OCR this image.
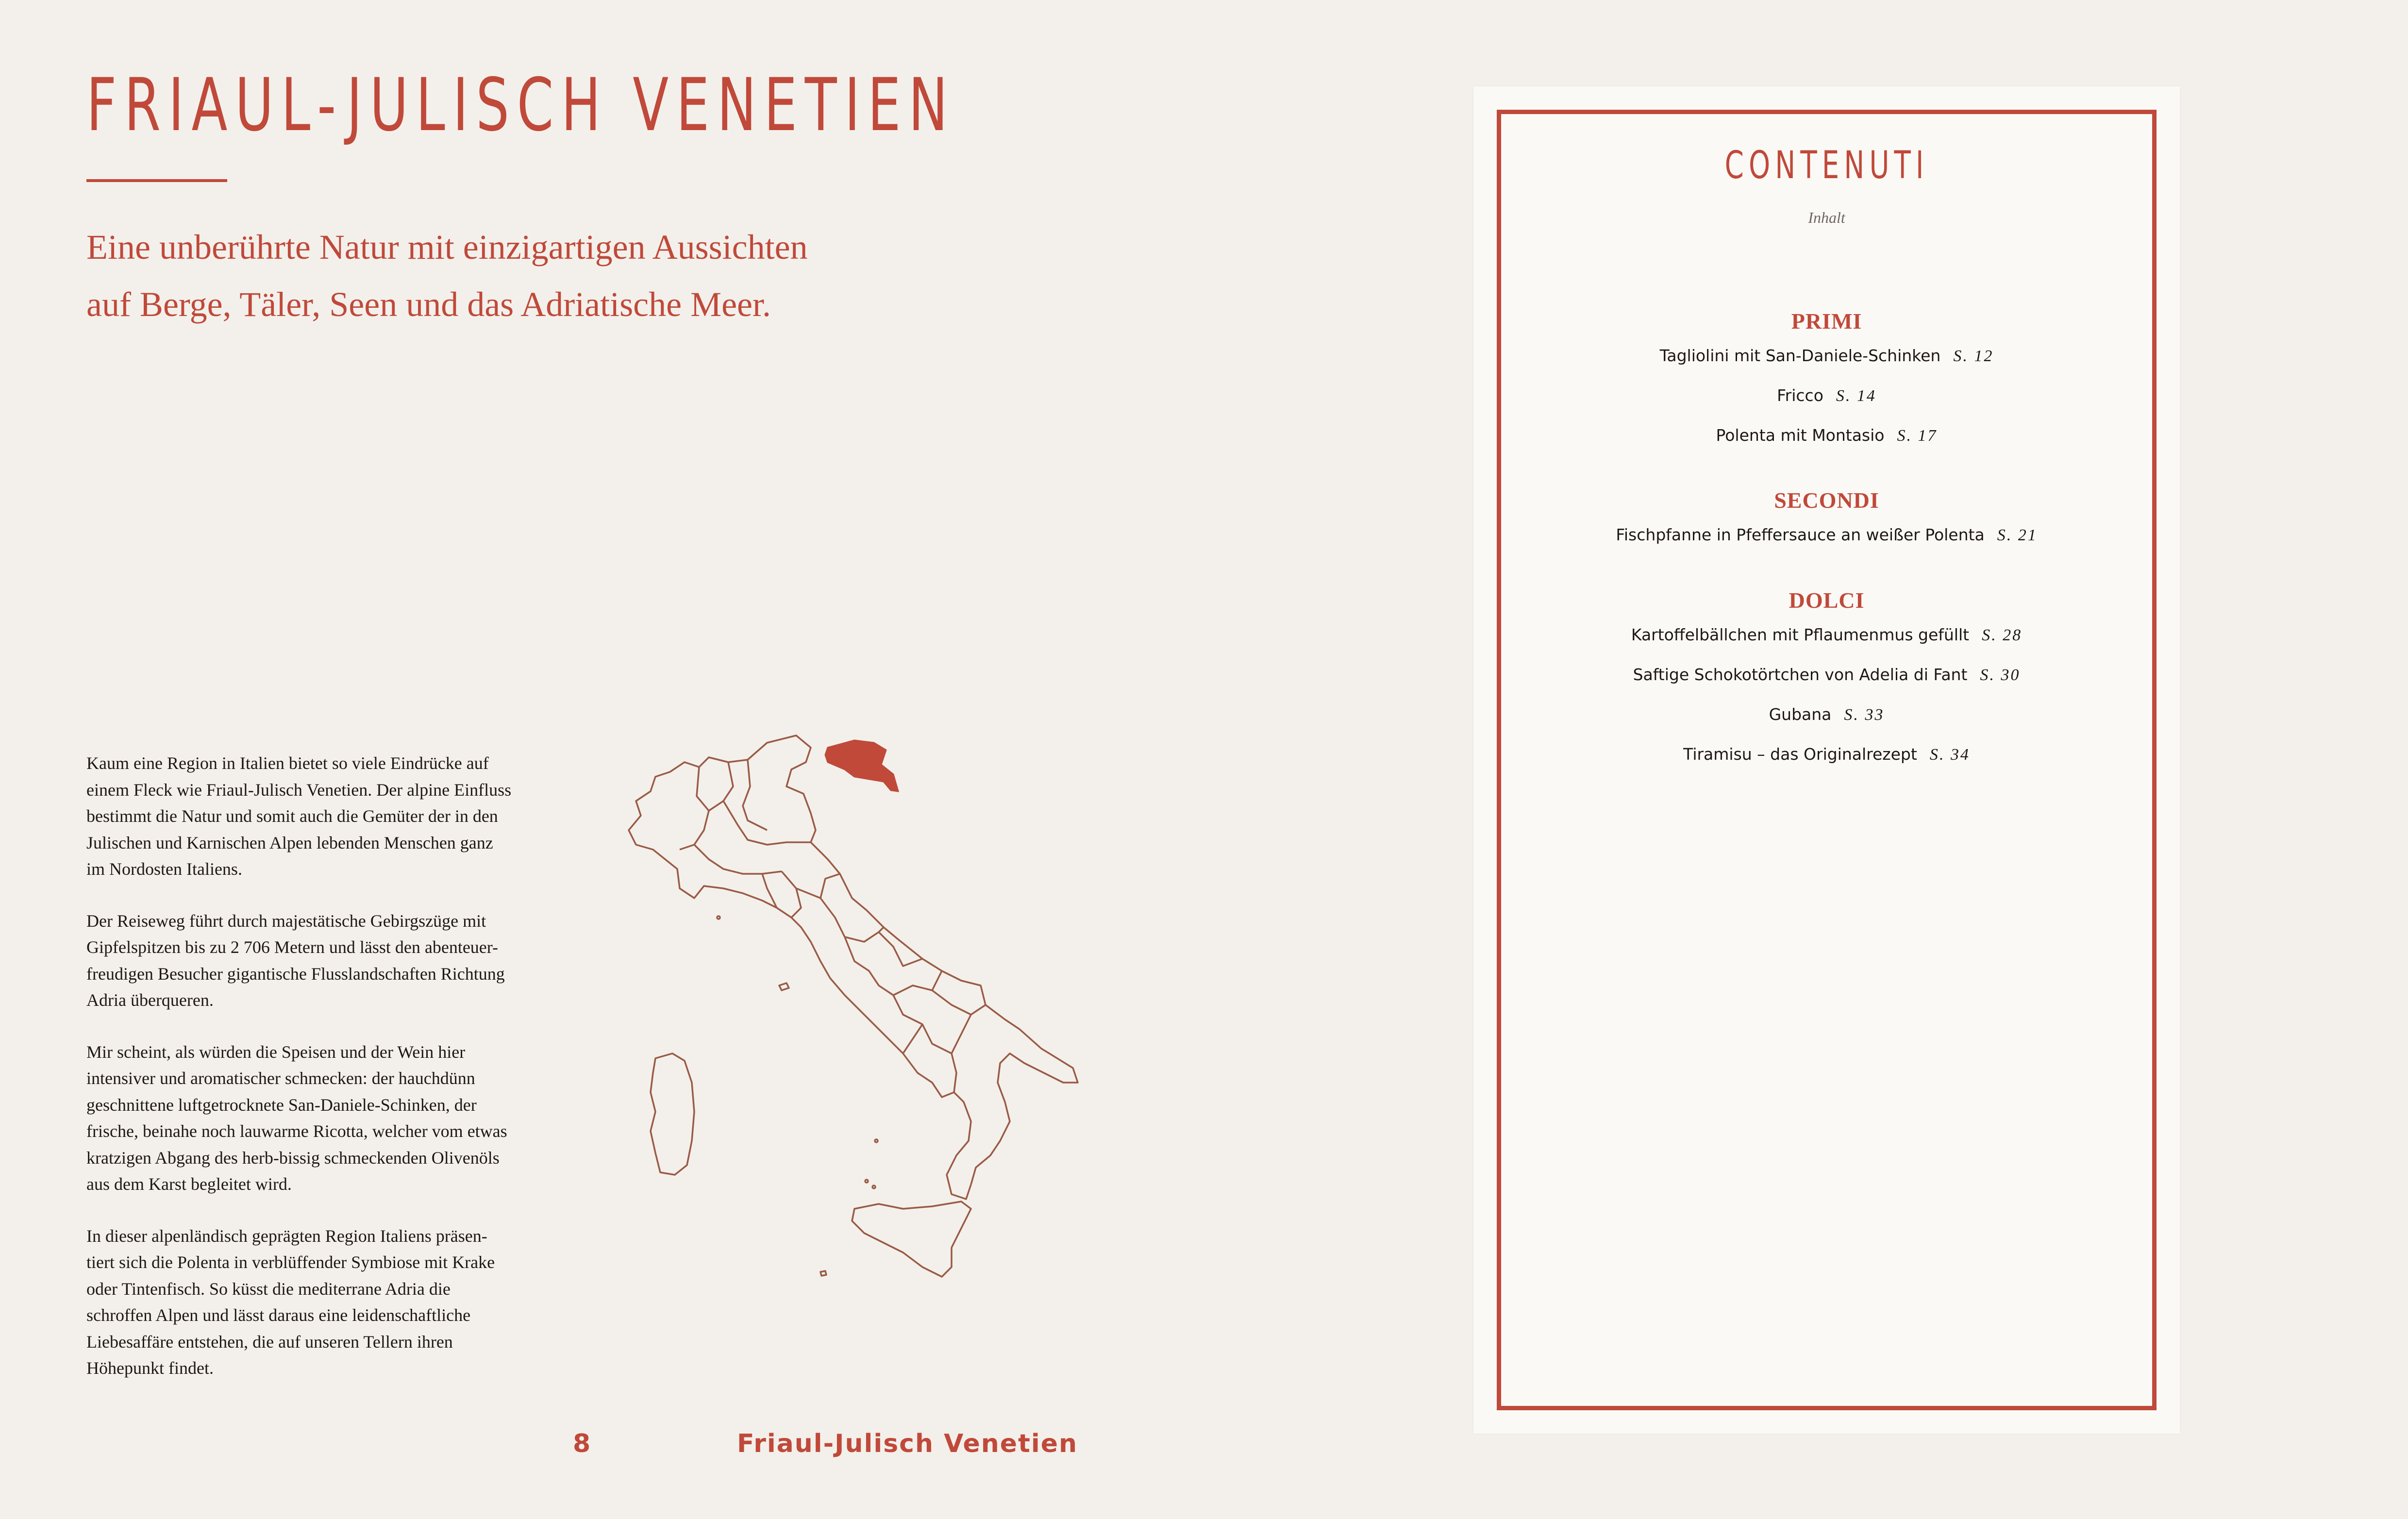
FRIAUL-JULISCH VENETIEN
Eine unberührte Natur mit einzigartigen Aussichten
auf Berge, Täler, Seen und das Adriatische Meer.

Kaum eine Region in Italien bietet so viele Eindrücke auf
einem Fleck wie Friaul-Julisch Venetien. Der alpine Einfluss
bestimmt die Natur und somit auch die Gemüter der in den
Julischen und Karnischen Alpen lebenden Menschen ganz
im Nordosten Italiens.

Der Reiseweg führt durch majestätische Gebirgszüge mit
Gipfelspitzen bis zu 2 706 Metern und lässt den abenteuer-
freudigen Besucher gigantische Flusslandschaften Richtung
Adria überqueren.

Mir scheint, als würden die Speisen und der Wein hier
intensiver und aromatischer schmecken: der hauchdünn
geschnittene luftgetrocknete San-Daniele-Schinken, der
frische, beinahe noch lauwarme Ricotta, welcher vom etwas
kratzigen Abgang des herb-bissig schmeckenden Olivenöls
aus dem Karst begleitet wird.

In dieser alpenländisch geprägten Region Italiens präsen-
tiert sich die Polenta in verblüffender Symbiose mit Krake
oder Tintenfisch. So küsst die mediterrane Adria die
schroffen Alpen und lässt daraus eine leidenschaftliche
Liebesaffäre entstehen, die auf unseren Tellern ihren
Höhepunkt findet.

8	Friaul-Julisch Venetien
CONTENUTI
Inhalt
PRIMI
Tagliolini mit San-Daniele-Schinken S. 12
Fricco S. 14
Polenta mit Montasio S. 17
SECONDI
Fischpfanne in Pfeffersauce an weißer Polenta S. 21
DOLCI
Kartoffelbällchen mit Pflaumenmus gefüllt S. 28
Saftige Schokotörtchen von Adelia di Fant S. 30
Gubana S. 33
Tiramisu – das Originalrezept S. 34
